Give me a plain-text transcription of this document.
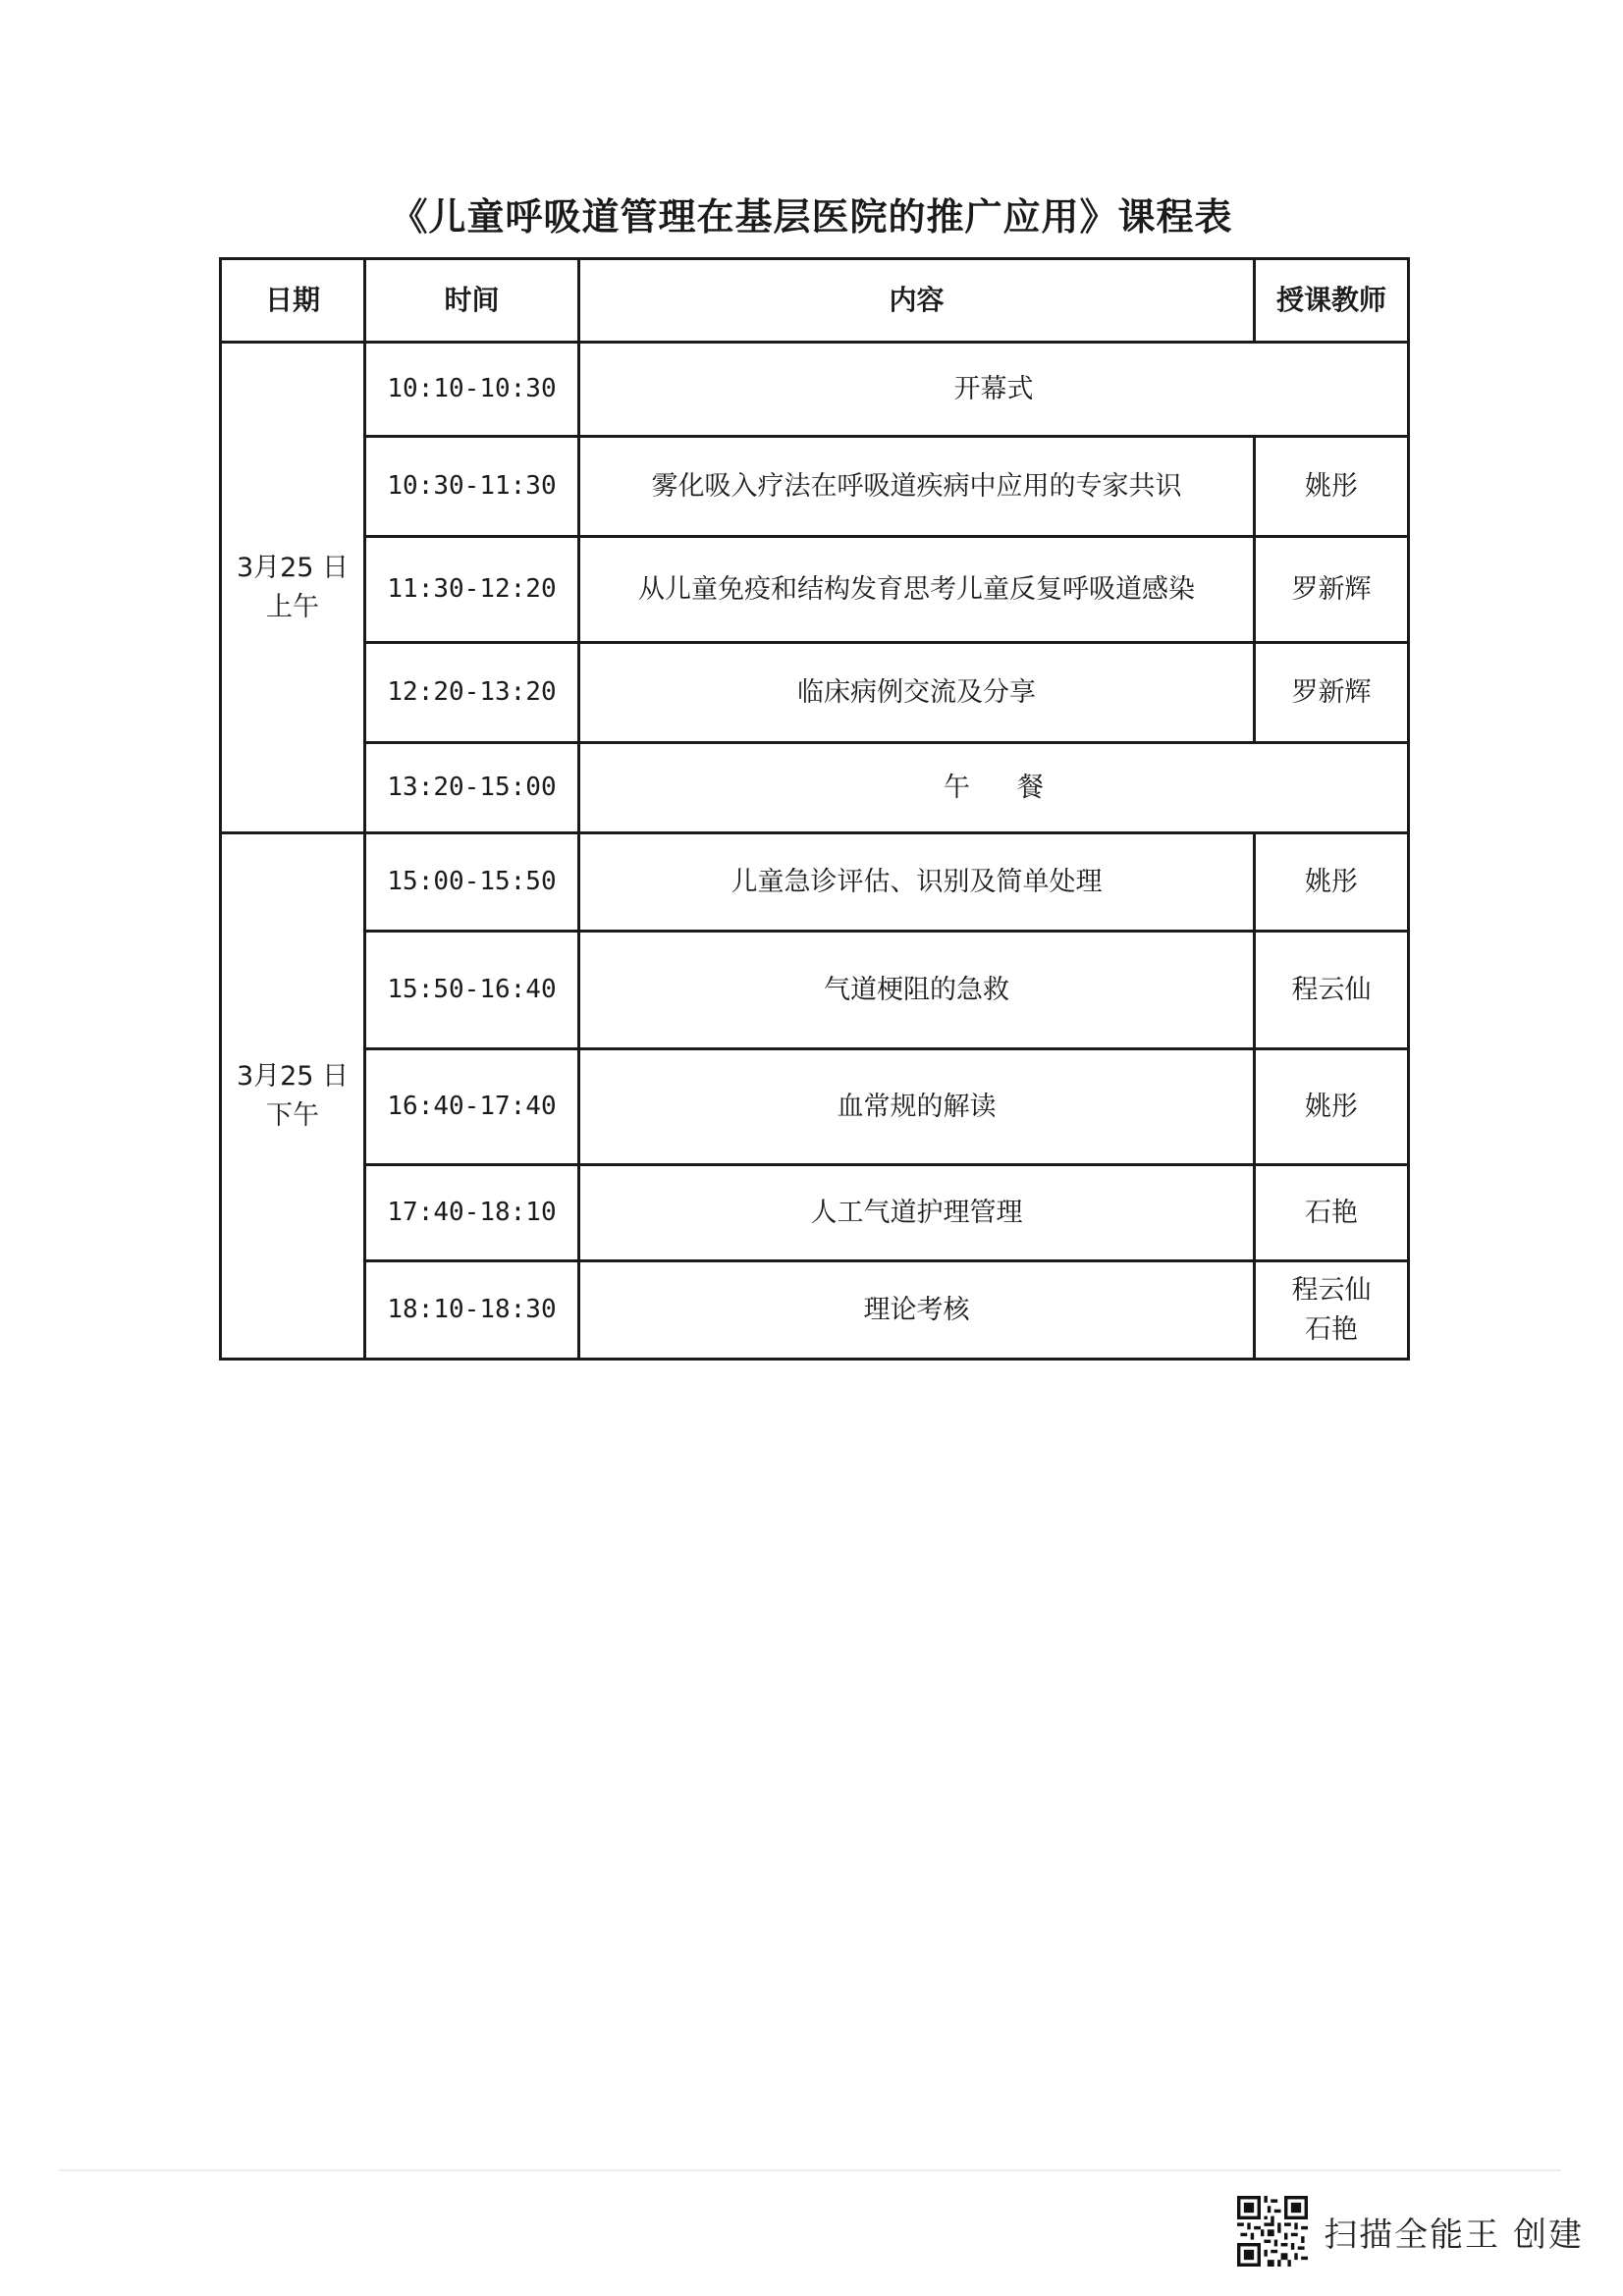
《儿童呼吸道管理在基层医院的推广应用》课程表
日期	时间	内容	授课教师

3月25 日
上午	10:10-10:30	开幕式	
	10:30-11:30	雾化吸入疗法在呼吸道疾病中应用的专家共识	姚彤
	11:30-12:20	从儿童免疫和结构发育思考儿童反复呼吸道感染	罗新辉
	12:20-13:20	临床病例交流及分享	罗新辉
	13:20-15:00	午餐	

3月25 日
下午	15:00-15:50	儿童急诊评估、识别及简单处理	姚彤
	15:50-16:40	气道梗阻的急救	程云仙
	16:40-17:40	血常规的解读	姚彤
	17:40-18:10	人工气道护理管理	石艳
	18:10-18:30	理论考核	程云仙
石艳
扫描全能王 创建
